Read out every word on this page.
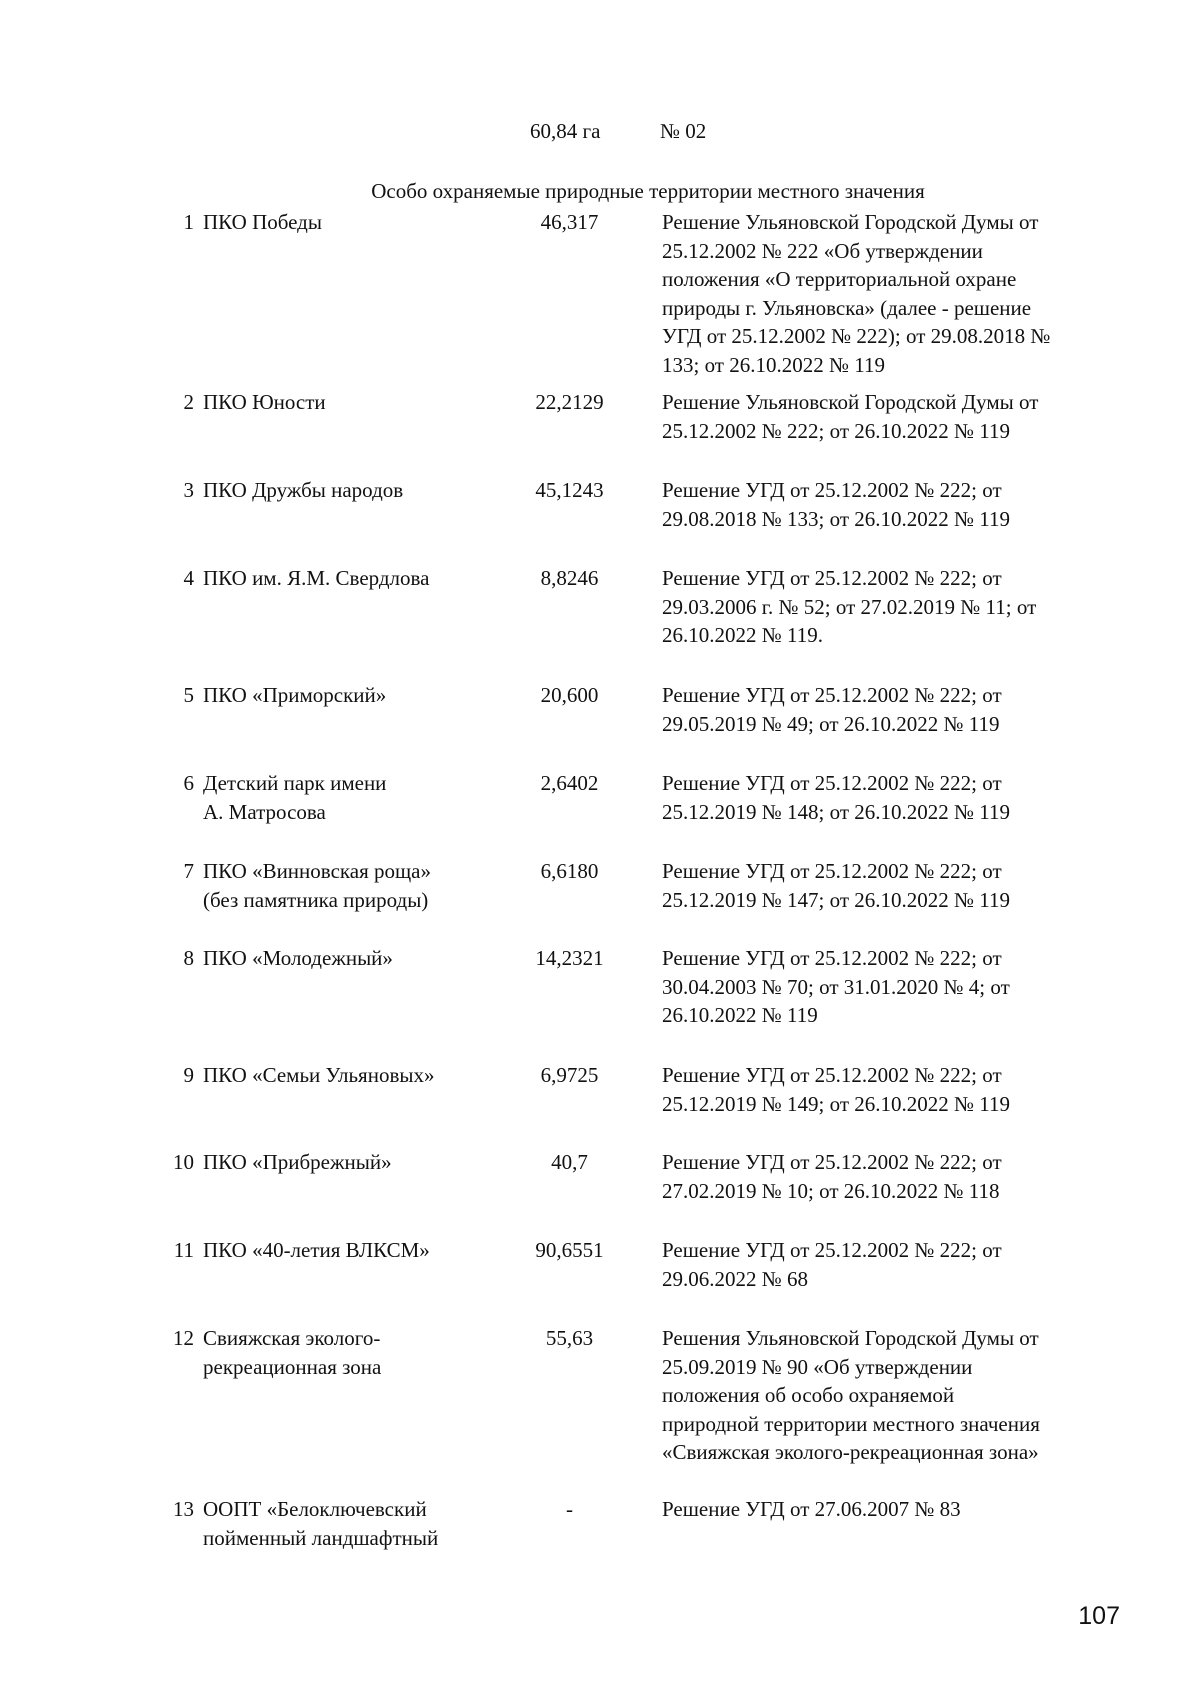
60,84 га	№ 02
Особо охраняемые природные территории местного значения
1 ПКО Победы	46,317	Решение Ульяновской Городской Думы от
25.12.2002 № 222 «Об утверждении
положения «О территориальной охране
природы г. Ульяновска» (далее - решение
УГД от 25.12.2002 № 222); от 29.08.2018 №
133; от 26.10.2022 № 119
2 ПКО Юности	22,2129	Решение Ульяновской Городской Думы от
25.12.2002 № 222; от 26.10.2022 № 119
3 ПКО Дружбы народов	45,1243	Решение УГД от 25.12.2002 № 222; от
29.08.2018 № 133; от 26.10.2022 № 119
4 ПКО им. Я.М. Свердлова	8,8246	Решение УГД от 25.12.2002 № 222; от
29.03.2006 г. № 52; от 27.02.2019 № 11; от
26.10.2022 № 119.
5 ПКО «Приморский»	20,600	Решение УГД от 25.12.2002 № 222; от
29.05.2019 № 49; от 26.10.2022 № 119
6 Детский парк имени
А. Матросова
2,6402	Решение УГД от 25.12.2002 № 222; от
25.12.2019 № 148; от 26.10.2022 № 119
7 ПКО «Винновская роща»
(без памятника природы)
6,6180	Решение УГД от 25.12.2002 № 222; от
25.12.2019 № 147; от 26.10.2022 № 119
8 ПКО «Молодежный»	14,2321	Решение УГД от 25.12.2002 № 222; от
30.04.2003 № 70; от 31.01.2020 № 4; от
26.10.2022 № 119
9 ПКО «Семьи Ульяновых»	6,9725	Решение УГД от 25.12.2002 № 222; от
25.12.2019 № 149; от 26.10.2022 № 119
10 ПКО «Прибрежный»	40,7	Решение УГД от 25.12.2002 № 222; от
27.02.2019 № 10; от 26.10.2022 № 118
11 ПКО «40-летия ВЛКСМ»	90,6551	Решение УГД от 25.12.2002 № 222; от
29.06.2022 № 68
12 Свияжская эколого-
рекреационная зона
55,63	Решения Ульяновской Городской Думы от
25.09.2019 № 90 «Об утверждении
положения об особо охраняемой
природной территории местного значения
«Свияжская эколого-рекреационная зона»
13 ООПТ «Белоключевский
пойменный ландшафтный
-	Решение УГД от 27.06.2007 № 83
107
